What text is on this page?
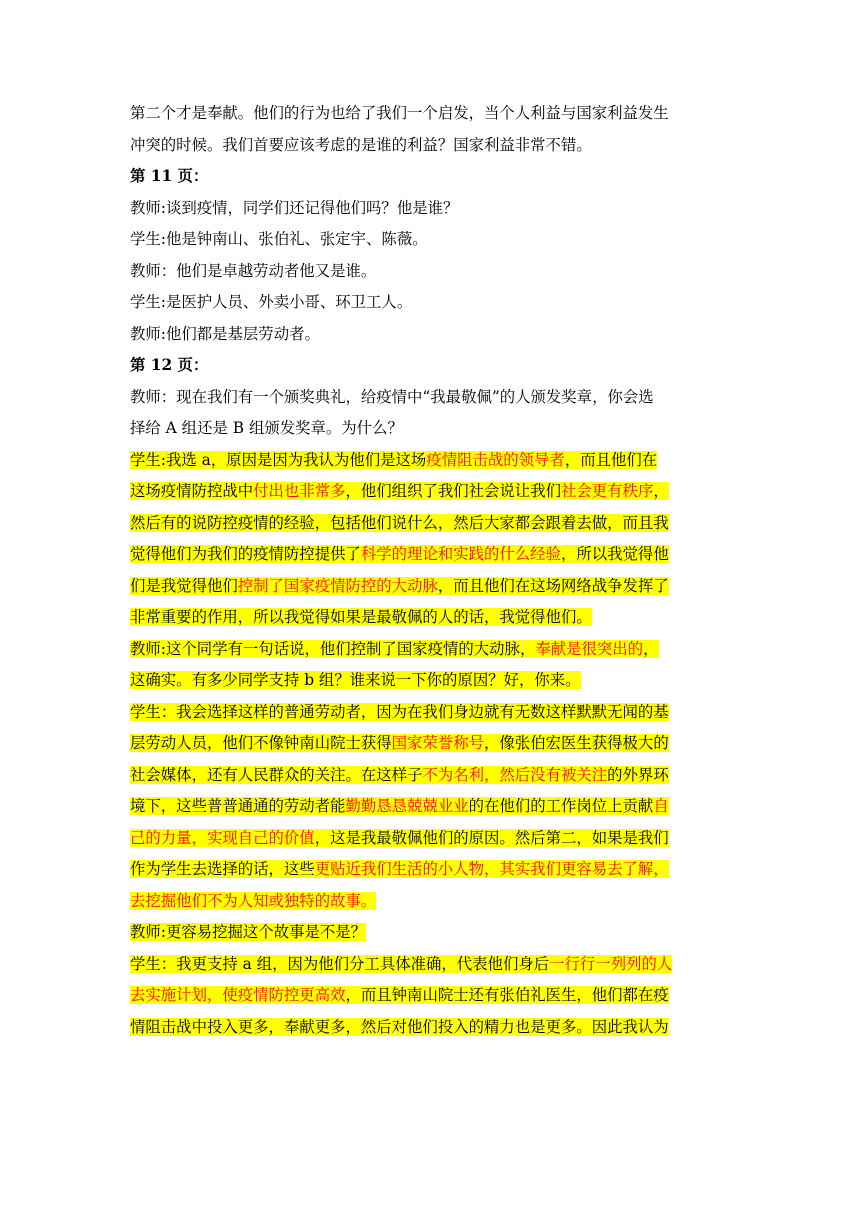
第二个才是奉献。他们的行为也给了我们一个启发，当个人利益与国家利益发生
冲突的时候。我们首要应该考虑的是谁的利益？国家利益非常不错。
第 11 页：
教师:谈到疫情，同学们还记得他们吗？他是谁？
学生:他是钟南山、张伯礼、张定宇、陈薇。
教师：他们是卓越劳动者他又是谁。
学生:是医护人员、外卖小哥、环卫工人。
教师:他们都是基层劳动者。
第 12 页：
教师：现在我们有一个颁奖典礼，给疫情中“我最敬佩”的人颁发奖章，你会选
择给 A 组还是 B 组颁发奖章。为什么？
学生:我选 a，原因是因为我认为他们是这场疫情阻击战的领导者，而且他们在
这场疫情防控战中付出也非常多，他们组织了我们社会说让我们社会更有秩序，
然后有的说防控疫情的经验，包括他们说什么，然后大家都会跟着去做，而且我
觉得他们为我们的疫情防控提供了科学的理论和实践的什么经验，所以我觉得他
们是我觉得他们控制了国家疫情防控的大动脉，而且他们在这场网络战争发挥了
非常重要的作用，所以我觉得如果是最敬佩的人的话，我觉得他们。
教师:这个同学有一句话说，他们控制了国家疫情的大动脉，奉献是很突出的，
这确实。有多少同学支持 b 组？谁来说一下你的原因？好，你来。
学生：我会选择这样的普通劳动者，因为在我们身边就有无数这样默默无闻的基
层劳动人员，他们不像钟南山院士获得国家荣誉称号，像张伯宏医生获得极大的
社会媒体，还有人民群众的关注。在这样子不为名利，然后没有被关注的外界环
境下，这些普普通通的劳动者能勤勤恳恳兢兢业业的在他们的工作岗位上贡献自
己的力量，实现自己的价值，这是我最敬佩他们的原因。然后第二，如果是我们
作为学生去选择的话，这些更贴近我们生活的小人物，其实我们更容易去了解，
去挖掘他们不为人知或独特的故事。
教师:更容易挖掘这个故事是不是？
学生：我更支持 a 组，因为他们分工具体准确，代表他们身后一行行一列列的人
去实施计划，使疫情防控更高效，而且钟南山院士还有张伯礼医生，他们都在疫
情阻击战中投入更多，奉献更多，然后对他们投入的精力也是更多。因此我认为
